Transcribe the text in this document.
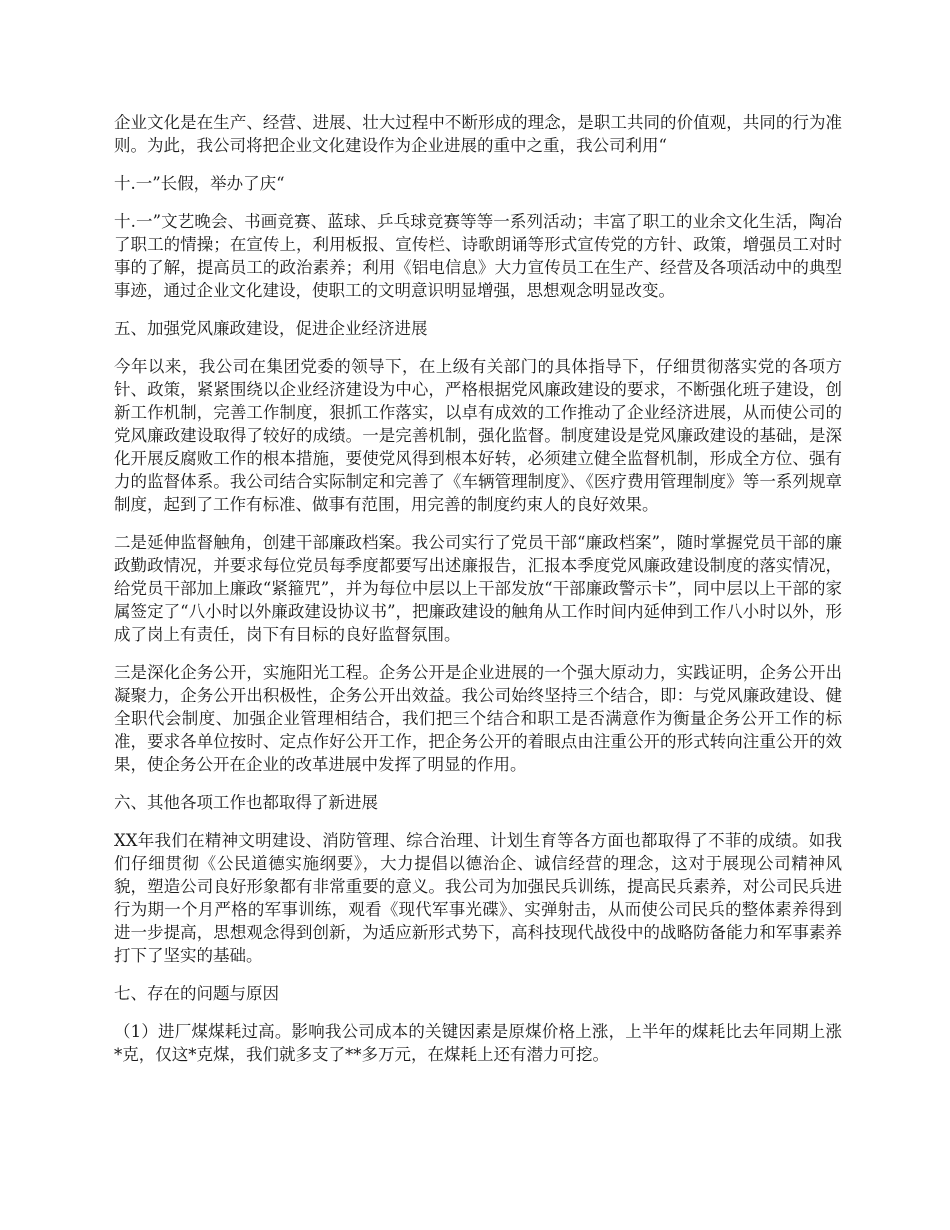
企业文化是在生产、经营、进展、壮大过程中不断形成的理念，是职工共同的价值观，共同的行为准则。为此，我公司将把企业文化建设作为企业进展的重中之重，我公司利用“

十.一”长假，举办了庆“

十.一”文艺晚会、书画竞赛、蓝球、乒乓球竞赛等等一系列活动；丰富了职工的业余文化生活，陶冶了职工的情操；在宣传上，利用板报、宣传栏、诗歌朗诵等形式宣传党的方针、政策，增强员工对时事的了解，提高员工的政治素养；利用《铝电信息》大力宣传员工在生产、经营及各项活动中的典型事迹，通过企业文化建设，使职工的文明意识明显增强，思想观念明显改变。

五、加强党风廉政建设，促进企业经济进展

今年以来，我公司在集团党委的领导下，在上级有关部门的具体指导下，仔细贯彻落实党的各项方针、政策，紧紧围绕以企业经济建设为中心，严格根据党风廉政建设的要求，不断强化班子建设，创新工作机制，完善工作制度，狠抓工作落实，以卓有成效的工作推动了企业经济进展，从而使公司的党风廉政建设取得了较好的成绩。一是完善机制，强化监督。制度建设是党风廉政建设的基础，是深化开展反腐败工作的根本措施，要使党风得到根本好转，必须建立健全监督机制，形成全方位、强有力的监督体系。我公司结合实际制定和完善了《车辆管理制度》、《医疗费用管理制度》等一系列规章制度，起到了工作有标准、做事有范围，用完善的制度约束人的良好效果。

二是延伸监督触角，创建干部廉政档案。我公司实行了党员干部“廉政档案”，随时掌握党员干部的廉政勤政情况，并要求每位党员每季度都要写出述廉报告，汇报本季度党风廉政建设制度的落实情况，给党员干部加上廉政“紧箍咒”，并为每位中层以上干部发放“干部廉政警示卡”，同中层以上干部的家属签定了“八小时以外廉政建设协议书”，把廉政建设的触角从工作时间内延伸到工作八小时以外，形成了岗上有责任，岗下有目标的良好监督氛围。

三是深化企务公开，实施阳光工程。企务公开是企业进展的一个强大原动力，实践证明，企务公开出凝聚力，企务公开出积极性，企务公开出效益。我公司始终坚持三个结合，即：与党风廉政建设、健全职代会制度、加强企业管理相结合，我们把三个结合和职工是否满意作为衡量企务公开工作的标准，要求各单位按时、定点作好公开工作，把企务公开的着眼点由注重公开的形式转向注重公开的效果，使企务公开在企业的改革进展中发挥了明显的作用。

六、其他各项工作也都取得了新进展

XX年我们在精神文明建设、消防管理、综合治理、计划生育等各方面也都取得了不菲的成绩。如我们仔细贯彻《公民道德实施纲要》，大力提倡以德治企、诚信经营的理念，这对于展现公司精神风貌，塑造公司良好形象都有非常重要的意义。我公司为加强民兵训练，提高民兵素养，对公司民兵进行为期一个月严格的军事训练，观看《现代军事光碟》、实弹射击，从而使公司民兵的整体素养得到进一步提高，思想观念得到创新，为适应新形式势下，高科技现代战役中的战略防备能力和军事素养打下了坚实的基础。

七、存在的问题与原因

（1）进厂煤煤耗过高。影响我公司成本的关键因素是原煤价格上涨，上半年的煤耗比去年同期上涨*克，仅这*克煤，我们就多支了**多万元，在煤耗上还有潜力可挖。
